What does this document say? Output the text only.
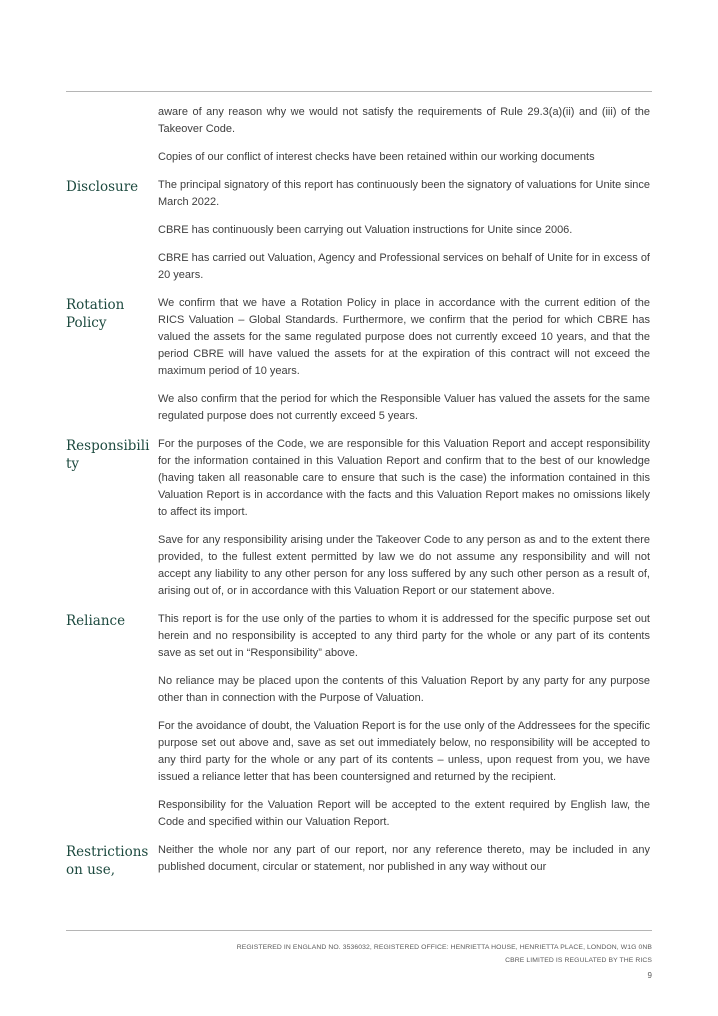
aware of any reason why we would not satisfy the requirements of Rule 29.3(a)(ii) and (iii) of the Takeover Code.

Copies of our conflict of interest checks have been retained within our working documents

Disclosure	The principal signatory of this report has continuously been the signatory of valuations for Unite since March 2022.

CBRE has continuously been carrying out Valuation instructions for Unite since 2006.

CBRE has carried out Valuation, Agency and Professional services on behalf of Unite for in excess of 20 years.

Rotation
Policy

We confirm that we have a Rotation Policy in place in accordance with the current edition of the RICS Valuation – Global Standards. Furthermore, we confirm that the period for which CBRE has valued the assets for the same regulated purpose does not currently exceed 10 years, and that the period CBRE will have valued the assets for at the expiration of this contract will not exceed the maximum period of 10 years.

We also confirm that the period for which the Responsible Valuer has valued the assets for the same regulated purpose does not currently exceed 5 years.

Responsibili
ty

For the purposes of the Code, we are responsible for this Valuation Report and accept responsibility for the information contained in this Valuation Report and confirm that to the best of our knowledge (having taken all reasonable care to ensure that such is the case) the information contained in this Valuation Report is in accordance with the facts and this Valuation Report makes no omissions likely to affect its import.

Save for any responsibility arising under the Takeover Code to any person as and to the extent there provided, to the fullest extent permitted by law we do not assume any responsibility and will not accept any liability to any other person for any loss suffered by any such other person as a result of, arising out of, or in accordance with this Valuation Report or our statement above.

Reliance	This report is for the use only of the parties to whom it is addressed for the specific purpose set out herein and no responsibility is accepted to any third party for the whole or any part of its contents save as set out in “Responsibility” above.

No reliance may be placed upon the contents of this Valuation Report by any party for any purpose other than in connection with the Purpose of Valuation.

For the avoidance of doubt, the Valuation Report is for the use only of the Addressees for the specific purpose set out above and, save as set out immediately below, no responsibility will be accepted to any third party for the whole or any part of its contents – unless, upon request from you, we have issued a reliance letter that has been countersigned and returned by the recipient.

Responsibility for the Valuation Report will be accepted to the extent required by English law, the Code and specified within our Valuation Report.

Restrictions
on use,

Neither the whole nor any part of our report, nor any reference thereto, may be included in any published document, circular or statement, nor published in any way without our

REGISTERED IN ENGLAND NO. 3536032, REGISTERED OFFICE: HENRIETTA HOUSE, HENRIETTA PLACE, LONDON, W1G 0NB
CBRE LIMITED IS REGULATED BY THE RICS
9
